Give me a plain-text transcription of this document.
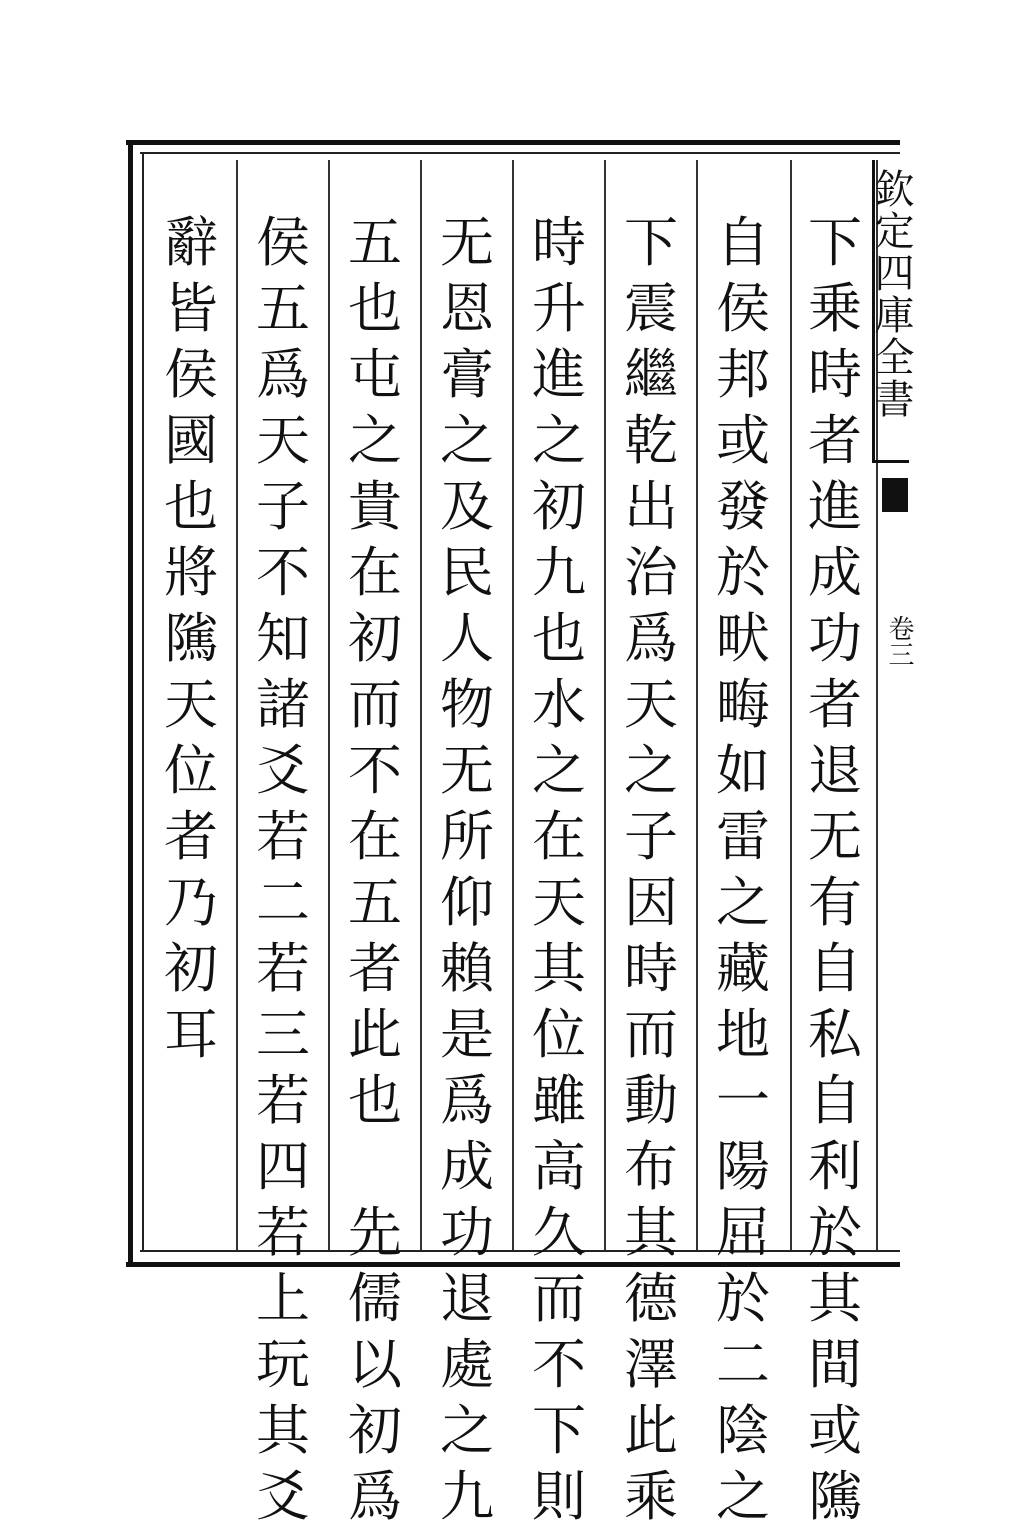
欽定四庫全書
卷三
下
乗
時
者
進
成
功
者
退
无
有
自
私
自
利
於
其
間
或
隲
自
侯
邦
或
發
於
畎
畮
如
雷
之
藏
地
一
陽
屈
於
二
陰
之
下
震
繼
乾
出
治
爲
天
之
子
因
時
而
動
布
其
德
澤
此
乘
時
升
進
之
初
九
也
水
之
在
天
其
位
雖
高
久
而
不
下
則
无
恩
膏
之
及
民
人
物
无
所
仰
賴
是
爲
成
功
退
處
之
九
五
也
屯
之
貴
在
初
而
不
在
五
者
此
也

先
儒
以
初
爲
侯
五
爲
天
子
不
知
諸
爻
若
二
若
三
若
四
若
上
玩
其
爻
辭
皆
侯
國
也
將
隲
天
位
者
乃
初
耳
